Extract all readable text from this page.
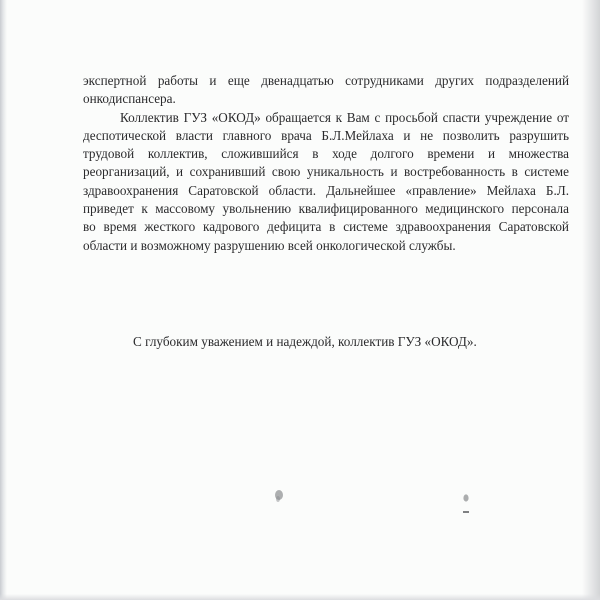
экспертной работы и еще двенадцатью сотрудниками других подразделений
онкодиспансера.
Коллектив ГУЗ «ОКОД» обращается к Вам с просьбой спасти учреждение от
деспотической власти главного врача Б.Л.Мейлаха и не позволить разрушить
трудовой коллектив, сложившийся в ходе долгого времени и множества
реорганизаций, и сохранивший свою уникальность и востребованность в системе
здравоохранения Саратовской области. Дальнейшее «правление» Мейлаха Б.Л.
приведет к массовому увольнению квалифицированного медицинского персонала
во время жесткого кадрового дефицита в системе здравоохранения Саратовской
области и возможному разрушению всей онкологической службы.
С глубоким уважением и надеждой, коллектив ГУЗ «ОКОД».
